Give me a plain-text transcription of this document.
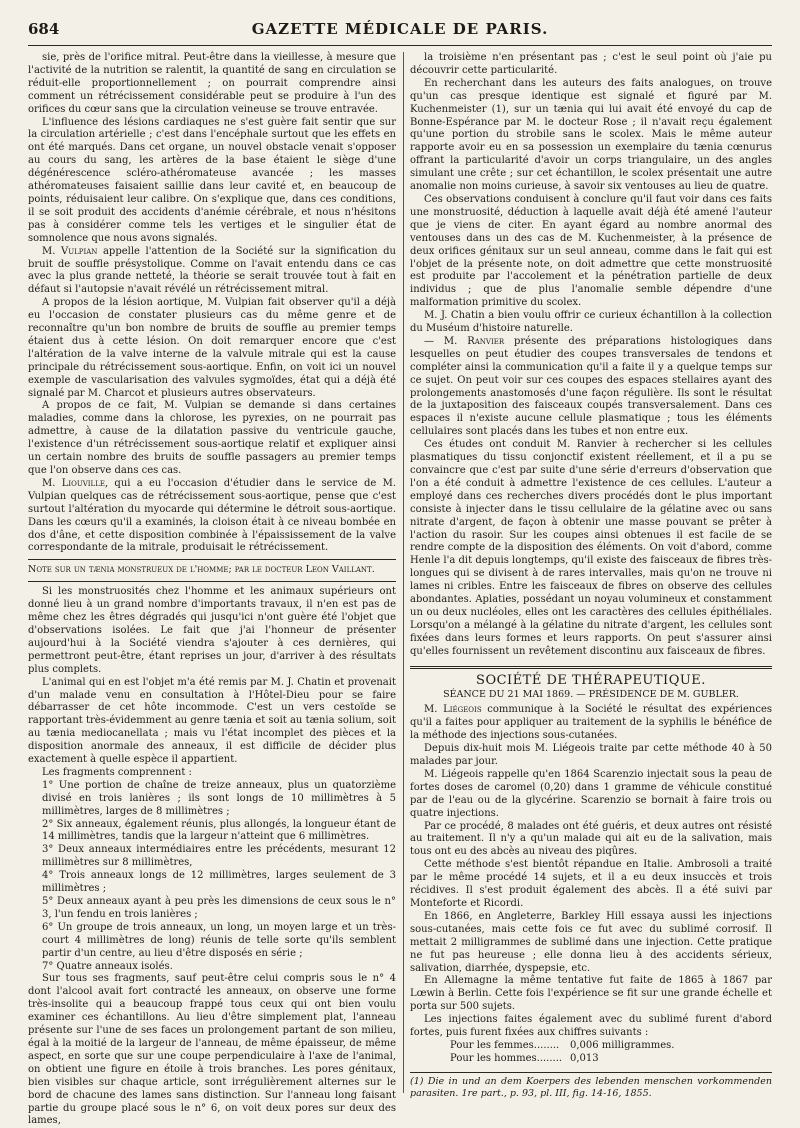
684	GAZETTE MÉDICALE DE PARIS.

sie, près de l'orifice mitral. Peut-être dans la vieillesse, à mesure que l'activité de la nutrition se ralentit, la quantité de sang en circulation se réduit-elle proportionnellement ; on pourrait comprendre ainsi comment un rétrécissement considérable peut se produire à l'un des orifices du cœur sans que la circulation veineuse se trouve entravée.

L'influence des lésions cardiaques ne s'est guère fait sentir que sur la circulation artérielle ; c'est dans l'encéphale surtout que les effets en ont été marqués. Dans cet organe, un nouvel obstacle venait s'opposer au cours du sang, les artères de la base étaient le siège d'une dégénérescence scléro-athéromateuse avancée ; les masses athéromateuses faisaient saillie dans leur cavité et, en beaucoup de points, réduisaient leur calibre. On s'explique que, dans ces conditions, il se soit produit des accidents d'anémie cérébrale, et nous n'hésitons pas à considérer comme tels les vertiges et le singulier état de somnolence que nous avons signalés.

M. Vulpian appelle l'attention de la Société sur la signification du bruit de souffle présystolique. Comme on l'avait entendu dans ce cas avec la plus grande netteté, la théorie se serait trouvée tout à fait en défaut si l'autopsie n'avait révélé un rétrécissement mitral.

A propos de la lésion aortique, M. Vulpian fait observer qu'il a déjà eu l'occasion de constater plusieurs cas du même genre et de reconnaître qu'un bon nombre de bruits de souffle au premier temps étaient dus à cette lésion. On doit remarquer encore que c'est l'altération de la valve interne de la valvule mitrale qui est la cause principale du rétrécissement sous-aortique. Enfin, on voit ici un nouvel exemple de vascularisation des valvules sygmoïdes, état qui a déjà été signalé par M. Charcot et plusieurs autres observateurs.

A propos de ce fait, M. Vulpian se demande si dans certaines maladies, comme dans la chlorose, les pyrexies, on ne pourrait pas admettre, à cause de la dilatation passive du ventricule gauche, l'existence d'un rétrécissement sous-aortique relatif et expliquer ainsi un certain nombre des bruits de souffle passagers au premier temps que l'on observe dans ces cas.

M. Liouville, qui a eu l'occasion d'étudier dans le service de M. Vulpian quelques cas de rétrécissement sous-aortique, pense que c'est surtout l'altération du myocarde qui détermine le détroit sous-aortique. Dans les cœurs qu'il a examinés, la cloison était à ce niveau bombée en dos d'âne, et cette disposition combinée à l'épaississement de la valve correspondante de la mitrale, produisait le rétrécissement.

Note sur un tænia monstrueux de l'homme; par le docteur Leon Vaillant.

Si les monstruosités chez l'homme et les animaux supérieurs ont donné lieu à un grand nombre d'importants travaux, il n'en est pas de même chez les êtres dégradés qui jusqu'ici n'ont guère été l'objet que d'observations isolées. Le fait que j'ai l'honneur de présenter aujourd'hui à la Société viendra s'ajouter à ces dernières, qui permettront peut-être, étant reprises un jour, d'arriver à des résultats plus complets.

L'animal qui en est l'objet m'a été remis par M. J. Chatin et provenait d'un malade venu en consultation à l'Hôtel-Dieu pour se faire débarrasser de cet hôte incommode. C'est un vers cestoïde se rapportant très-évidemment au genre tænia et soit au tænia solium, soit au tænia mediocanellata ; mais vu l'état incomplet des pièces et la disposition anormale des anneaux, il est difficile de décider plus exactement à quelle espèce il appartient.

Les fragments comprennent :

1° Une portion de chaîne de treize anneaux, plus un quatorzième divisé en trois lanières ; ils sont longs de 10 millimètres à 5 millimètres, larges de 8 millimètres ;

2° Six anneaux, également réunis, plus allongés, la longueur étant de 14 millimètres, tandis que la largeur n'atteint que 6 millimètres.

3° Deux anneaux intermédiaires entre les précédents, mesurant 12 millimètres sur 8 millimètres,

4° Trois anneaux longs de 12 millimètres, larges seulement de 3 millimètres ;

5° Deux anneaux ayant à peu près les dimensions de ceux sous le n° 3, l'un fendu en trois lanières ;

6° Un groupe de trois anneaux, un long, un moyen large et un très-court 4 millimètres de long) réunis de telle sorte qu'ils semblent partir d'un centre, au lieu d'être disposés en série ;

7° Quatre anneaux isolés.

Sur tous ses fragments, sauf peut-être celui compris sous le n° 4 dont l'alcool avait fort contracté les anneaux, on observe une forme très-insolite qui a beaucoup frappé tous ceux qui ont bien voulu examiner ces échantillons. Au lieu d'être simplement plat, l'anneau présente sur l'une de ses faces un prolongement partant de son milieu, égal à la moitié de la largeur de l'anneau, de même épaisseur, de même aspect, en sorte que sur une coupe perpendiculaire à l'axe de l'animal, on obtient une figure en étoile à trois branches. Les pores génitaux, bien visibles sur chaque article, sont irrégulièrement alternes sur le bord de chacune des lames sans distinction. Sur l'anneau long faisant partie du groupe placé sous le n° 6, on voit deux pores sur deux des lames,

la troisième n'en présentant pas ; c'est le seul point où j'aie pu découvrir cette particularité.

En recherchant dans les auteurs des faits analogues, on trouve qu'un cas presque identique est signalé et figuré par M. Kuchenmeister (1), sur un tænia qui lui avait été envoyé du cap de Bonne-Espérance par M. le docteur Rose ; il n'avait reçu également qu'une portion du strobile sans le scolex. Mais le même auteur rapporte avoir eu en sa possession un exemplaire du tænia cœnurus offrant la particularité d'avoir un corps triangulaire, un des angles simulant une crête ; sur cet échantillon, le scolex présentait une autre anomalie non moins curieuse, à savoir six ventouses au lieu de quatre.

Ces observations conduisent à conclure qu'il faut voir dans ces faits une monstruosité, déduction à laquelle avait déjà été amené l'auteur que je viens de citer. En ayant égard au nombre anormal des ventouses dans un des cas de M. Kuchenmeister, à la présence de deux orifices génitaux sur un seul anneau, comme dans le fait qui est l'objet de la présente note, on doit admettre que cette monstruosité est produite par l'accolement et la pénétration partielle de deux individus ; que de plus l'anomalie semble dépendre d'une malformation primitive du scolex.

M. J. Chatin a bien voulu offrir ce curieux échantillon à la collection du Muséum d'histoire naturelle.

— M. Ranvier présente des préparations histologiques dans lesquelles on peut étudier des coupes transversales de tendons et compléter ainsi la communication qu'il a faite il y a quelque temps sur ce sujet. On peut voir sur ces coupes des espaces stellaires ayant des prolongements anastomosés d'une façon régulière. Ils sont le résultat de la juxtaposition des faisceaux coupés transversalement. Dans ces espaces il n'existe aucune cellule plasmatique ; tous les éléments cellulaires sont placés dans les tubes et non entre eux.

Ces études ont conduit M. Ranvier à rechercher si les cellules plasmatiques du tissu conjonctif existent réellement, et il a pu se convaincre que c'est par suite d'une série d'erreurs d'observation que l'on a été conduit à admettre l'existence de ces cellules. L'auteur a employé dans ces recherches divers procédés dont le plus important consiste à injecter dans le tissu cellulaire de la gélatine avec ou sans nitrate d'argent, de façon à obtenir une masse pouvant se prêter à l'action du rasoir. Sur les coupes ainsi obtenues il est facile de se rendre compte de la disposition des éléments. On voit d'abord, comme Henle l'a dit depuis longtemps, qu'il existe des faisceaux de fibres très-longues qui se divisent à de rares intervalles, mais qu'on ne trouve ni lames ni cribles. Entre les faisceaux de fibres on observe des cellules abondantes. Aplaties, possédant un noyau volumineux et constamment un ou deux nucléoles, elles ont les caractères des cellules épithéliales. Lorsqu'on a mélangé à la gélatine du nitrate d'argent, les cellules sont fixées dans leurs formes et leurs rapports. On peut s'assurer ainsi qu'elles fournissent un revêtement discontinu aux faisceaux de fibres.

SOCIÉTÉ DE THÉRAPEUTIQUE.

SÉANCE DU 21 MAI 1869. — PRÉSIDENCE DE M. GUBLER.

M. Liégeois communique à la Société le résultat des expériences qu'il a faites pour appliquer au traitement de la syphilis le bénéfice de la méthode des injections sous-cutanées.

Depuis dix-huit mois M. Liégeois traite par cette méthode 40 à 50 malades par jour.

M. Liégeois rappelle qu'en 1864 Scarenzio injectait sous la peau de fortes doses de caromel (0,20) dans 1 gramme de véhicule constitué par de l'eau ou de la glycérine. Scarenzio se bornait à faire trois ou quatre injections.

Par ce procédé, 8 malades ont été guéris, et deux autres ont résisté au traitement. Il n'y a qu'un malade qui ait eu de la salivation, mais tous ont eu des abcès au niveau des piqûres.

Cette méthode s'est bientôt répandue en Italie. Ambrosoli a traité par le même procédé 14 sujets, et il a eu deux insuccès et trois récidives. Il s'est produit également des abcès. Il a été suivi par Monteforte et Ricordi.

En 1866, en Angleterre, Barkley Hill essaya aussi les injections sous-cutanées, mais cette fois ce fut avec du sublimé corrosif. Il mettait 2 milligrammes de sublimé dans une injection. Cette pratique ne fut pas heureuse ; elle donna lieu à des accidents sérieux, salivation, diarrhée, dyspepsie, etc.

En Allemagne la même tentative fut faite de 1865 à 1867 par Lœwin à Berlin. Cette fois l'expérience se fit sur une grande échelle et porta sur 500 sujets.

Les injections faites également avec du sublimé furent d'abord fortes, puis furent fixées aux chiffres suivants :

Pour les femmes........	0,006 milligrammes.
Pour les hommes........ 0,013

(1) Die in und an dem Koerpers des lebenden menschen vorkommenden parasiten. 1re part., p. 93, pl. III, fig. 14-16, 1855.
